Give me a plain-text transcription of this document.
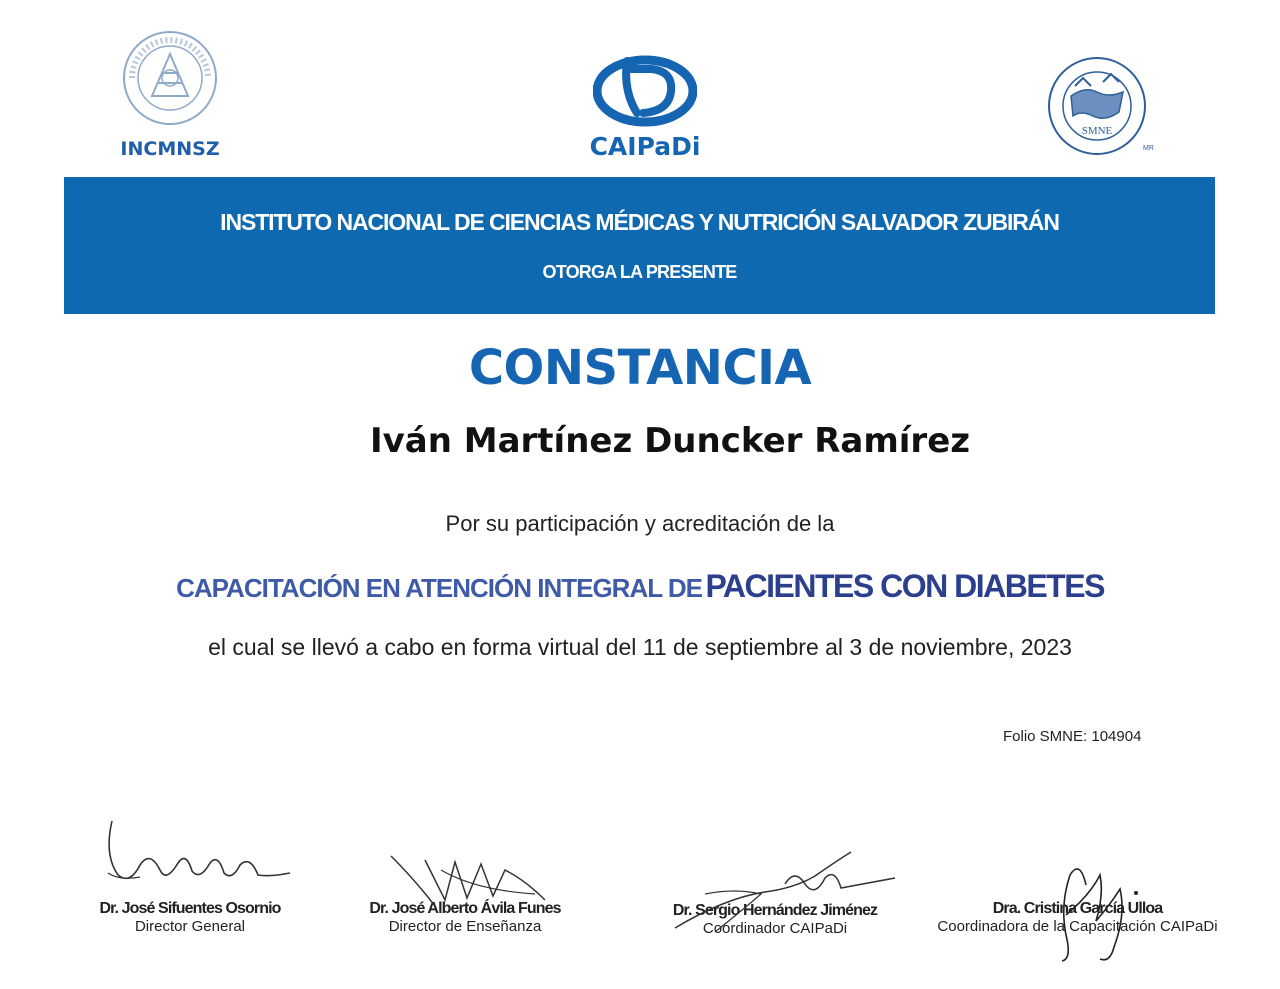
INCMNSZ	CAIPaDi
SMNE
MR
INSTITUTO NACIONAL DE CIENCIAS MÉDICAS Y NUTRICIÓN SALVADOR ZUBIRÁN
OTORGA LA PRESENTE
CONSTANCIA
Iván Martínez Duncker Ramírez
Por su participación y acreditación de la
CAPACITACIÓN EN ATENCIÓN INTEGRAL DE PACIENTES CON DIABETES
el cual se llevó a cabo en forma virtual del 11 de septiembre al 3 de noviembre, 2023
Folio SMNE: 104904
Dr. José Sifuentes Osornio
Director General
Dr. José Alberto Ávila Funes
Director de Enseñanza
Dr. Sergio Hernández Jiménez
Coordinador CAIPaDi
Dra. Cristina García Ulloa
Coordinadora de la Capacitación CAIPaDi
